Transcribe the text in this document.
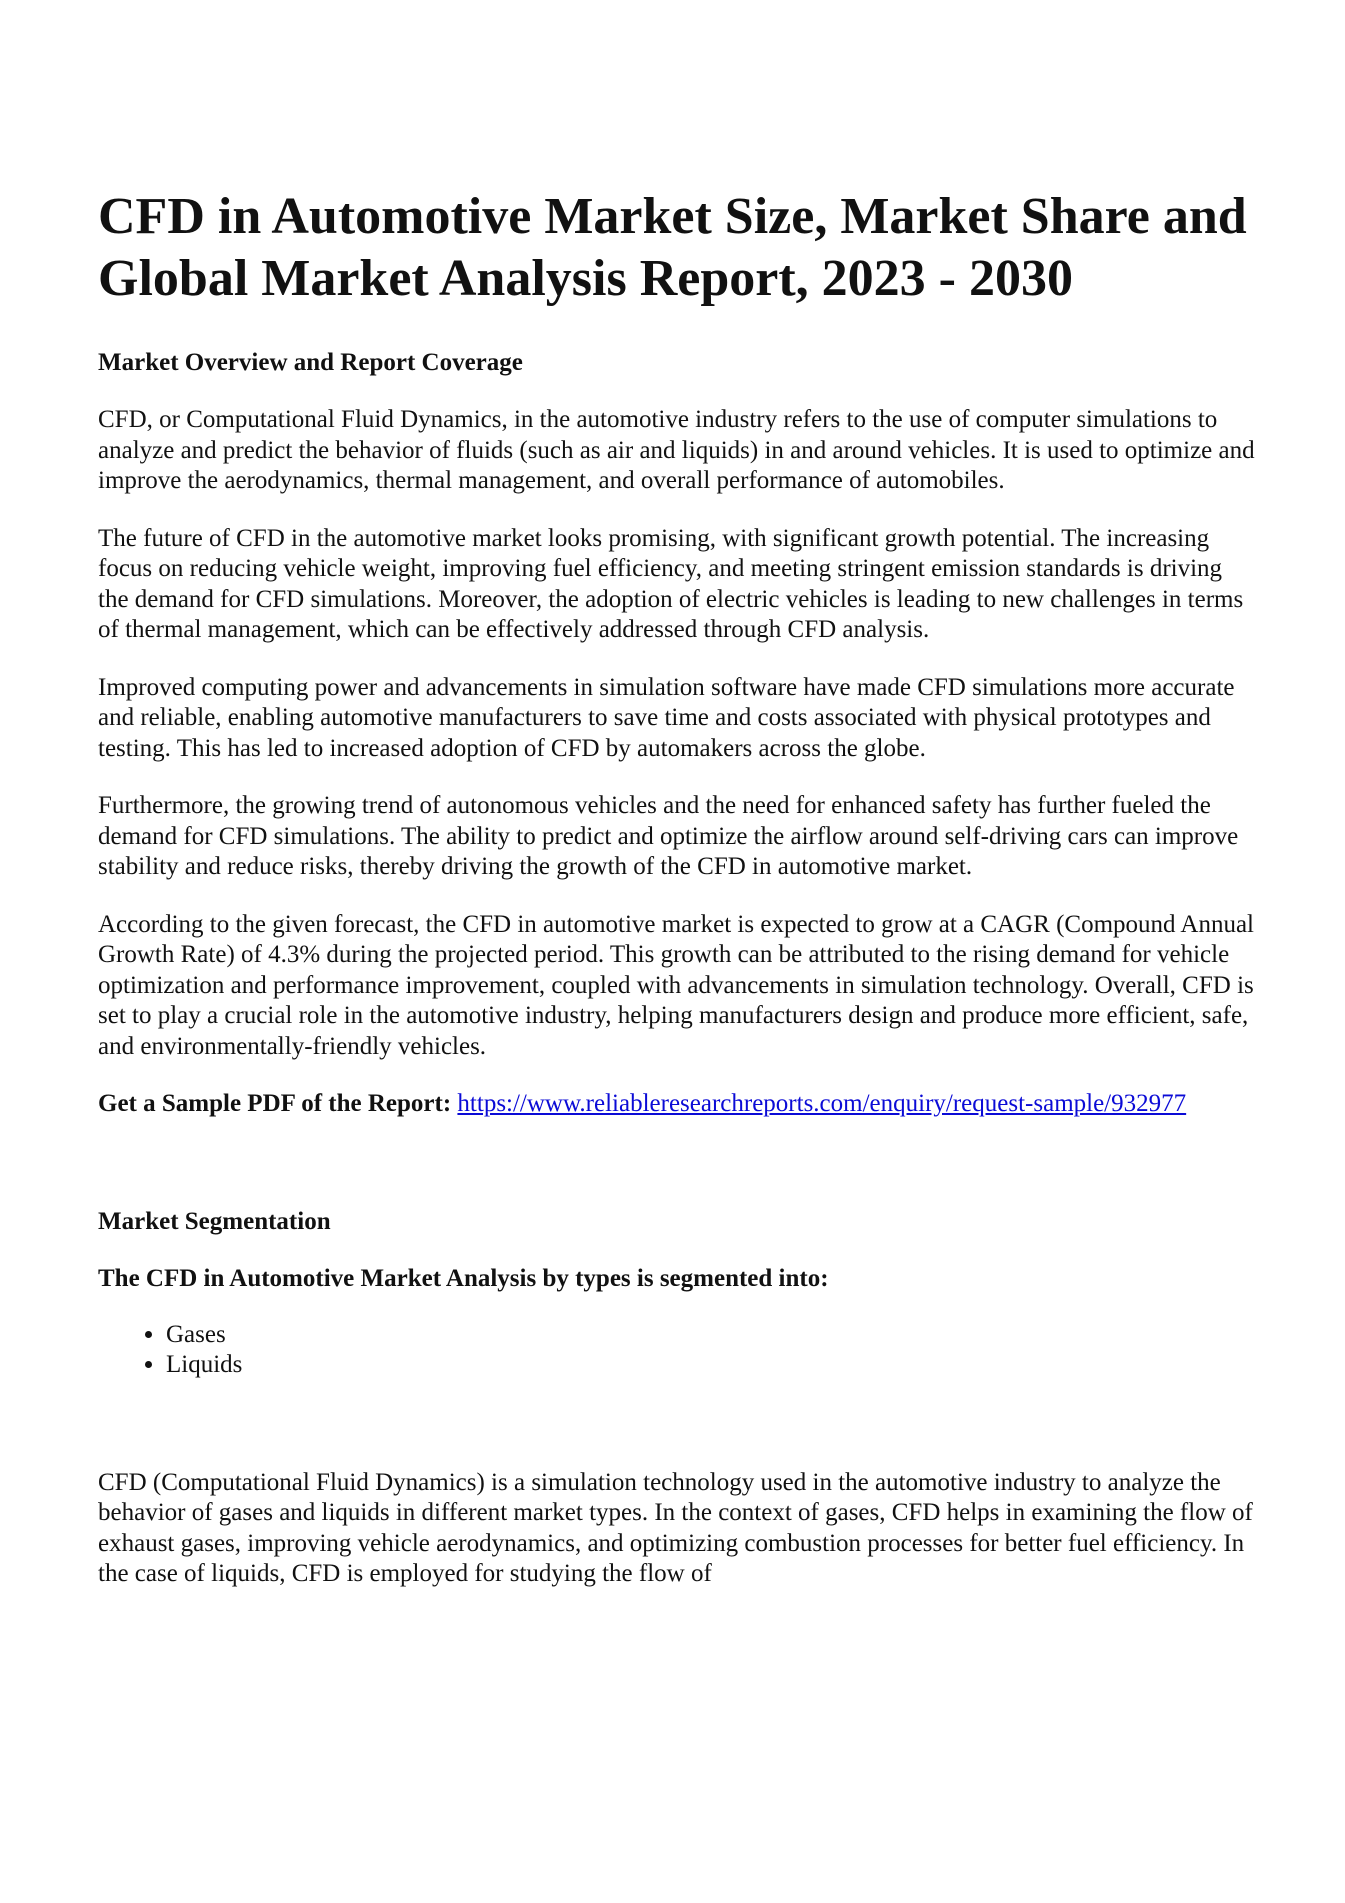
CFD in Automotive Market Size, Market Share and Global Market Analysis Report, 2023 - 2030
Market Overview and Report Coverage

CFD, or Computational Fluid Dynamics, in the automotive industry refers to the use of computer simulations to analyze and predict the behavior of fluids (such as air and liquids) in and around vehicles. It is used to optimize and improve the aerodynamics, thermal management, and overall performance of automobiles.

The future of CFD in the automotive market looks promising, with significant growth potential. The increasing focus on reducing vehicle weight, improving fuel efficiency, and meeting stringent emission standards is driving the demand for CFD simulations. Moreover, the adoption of electric vehicles is leading to new challenges in terms of thermal management, which can be effectively addressed through CFD analysis.

Improved computing power and advancements in simulation software have made CFD simulations more accurate and reliable, enabling automotive manufacturers to save time and costs associated with physical prototypes and testing. This has led to increased adoption of CFD by automakers across the globe.

Furthermore, the growing trend of autonomous vehicles and the need for enhanced safety has further fueled the demand for CFD simulations. The ability to predict and optimize the airflow around self-driving cars can improve stability and reduce risks, thereby driving the growth of the CFD in automotive market.

According to the given forecast, the CFD in automotive market is expected to grow at a CAGR (Compound Annual Growth Rate) of 4.3% during the projected period. This growth can be attributed to the rising demand for vehicle optimization and performance improvement, coupled with advancements in simulation technology. Overall, CFD is set to play a crucial role in the automotive industry, helping manufacturers design and produce more efficient, safe, and environmentally-friendly vehicles.

Get a Sample PDF of the Report: https://www.reliableresearchreports.com/enquiry/request-sample/932977

Market Segmentation
The CFD in Automotive Market Analysis by types is segmented into:
• Gases
• Liquids

CFD (Computational Fluid Dynamics) is a simulation technology used in the automotive industry to analyze the behavior of gases and liquids in different market types. In the context of gases, CFD helps in examining the flow of exhaust gases, improving vehicle aerodynamics, and optimizing combustion processes for better fuel efficiency. In the case of liquids, CFD is employed for studying the flow of
